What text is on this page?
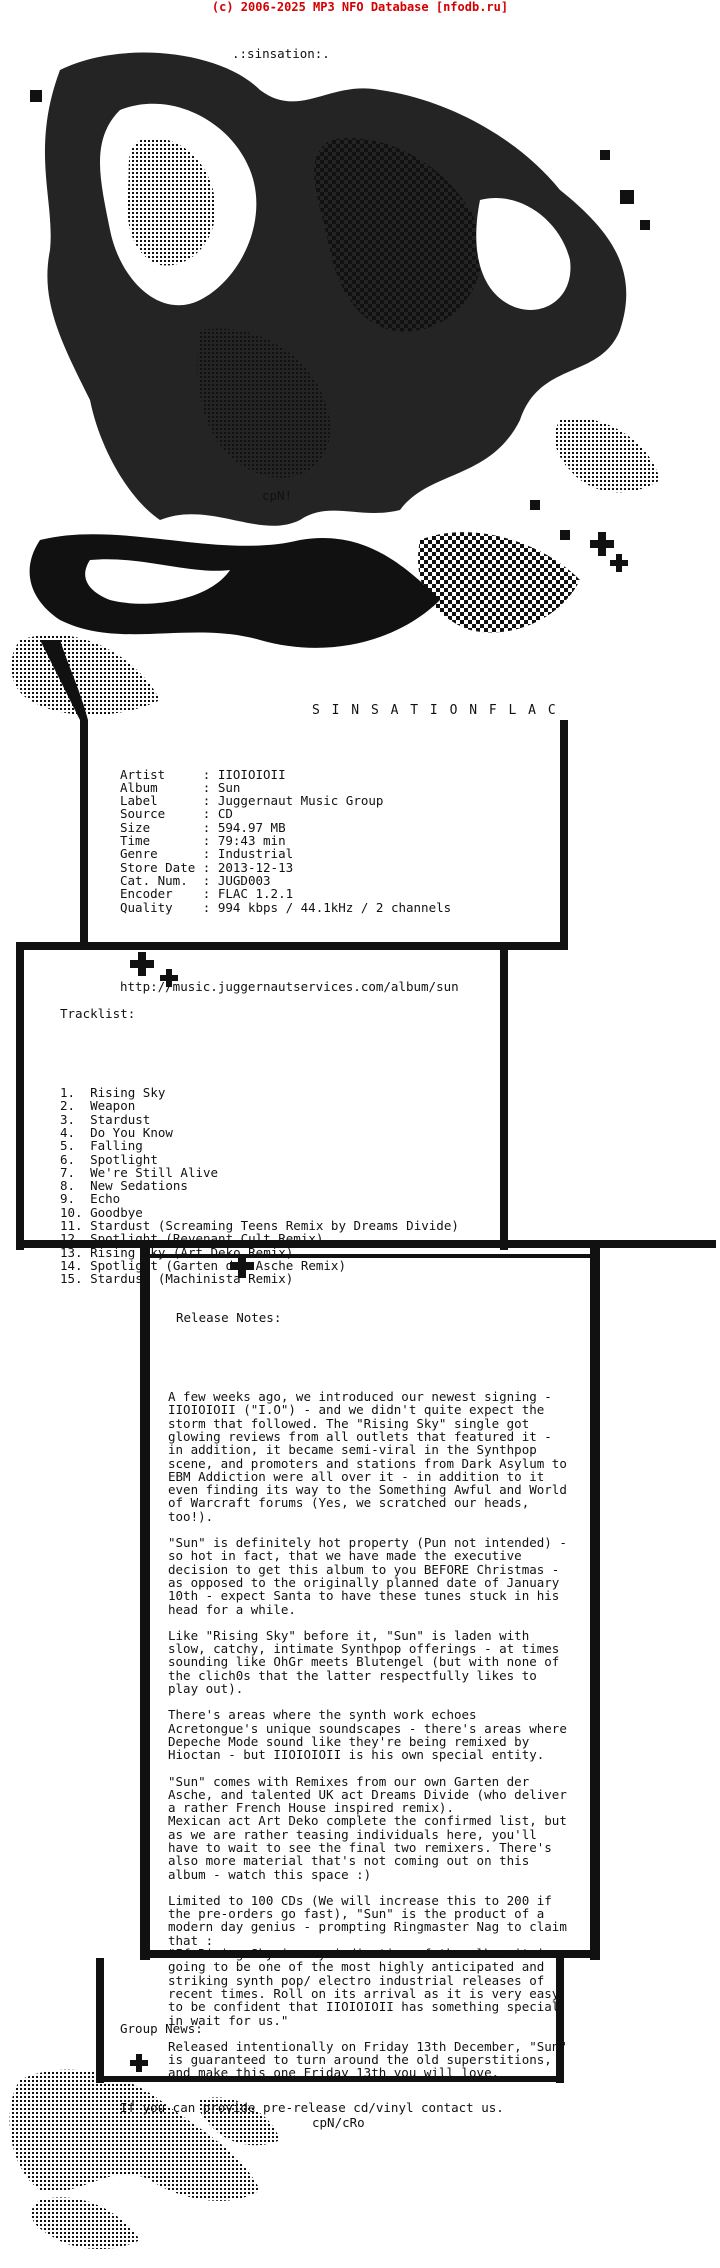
(c) 2006-2025 MP3 NFO Database [nfodb.ru]
.:sinsation:.
cpN!
S I N S A T I O N F L A C

Artist     : IIOIOIOII
Album      : Sun
Label      : Juggernaut Music Group
Source     : CD
Size       : 594.97 MB
Time       : 79:43 min
Genre      : Industrial
Store Date : 2013-12-13
Cat. Num.  : JUGD003
Encoder    : FLAC 1.2.1
Quality    : 994 kbps / 44.1kHz / 2 channels

http://music.juggernautservices.com/album/sun

Tracklist:

1.  Rising Sky
2.  Weapon
3.  Stardust
4.  Do You Know
5.  Falling
6.  Spotlight
7.  We're Still Alive
8.  New Sedations
9.  Echo
10. Goodbye
11. Stardust (Screaming Teens Remix by Dreams Divide)
12. Spotlight (Revenant Cult Remix)
13. Rising Sky (Art Deko Remix)
14. Spotlight (Garten der Asche Remix)
15. Stardust (Machinista Remix)

Release Notes:

A few weeks ago, we introduced our newest signing -
IIOIOIOII ("I.O") - and we didn't quite expect the
storm that followed. The "Rising Sky" single got
glowing reviews from all outlets that featured it -
in addition, it became semi-viral in the Synthpop
scene, and promoters and stations from Dark Asylum to
EBM Addiction were all over it - in addition to it
even finding its way to the Something Awful and World
of Warcraft forums (Yes, we scratched our heads,
too!).
"Sun" is definitely hot property (Pun not intended) -
so hot in fact, that we have made the executive
decision to get this album to you BEFORE Christmas -
as opposed to the originally planned date of January
10th - expect Santa to have these tunes stuck in his
head for a while.
Like "Rising Sky" before it, "Sun" is laden with
slow, catchy, intimate Synthpop offerings - at times
sounding like OhGr meets Blutengel (but with none of
the clich0s that the latter respectfully likes to
play out).
There's areas where the synth work echoes
Acretongue's unique soundscapes - there's areas where
Depeche Mode sound like they're being remixed by
Hioctan - but IIOIOIOII is his own special entity.
"Sun" comes with Remixes from our own Garten der
Asche, and talented UK act Dreams Divide (who deliver
a rather French House inspired remix).
Mexican act Art Deko complete the confirmed list, but
as we are rather teasing individuals here, you'll
have to wait to see the final two remixers. There's
also more material that's not coming out on this
album - watch this space :)
Limited to 100 CDs (We will increase this to 200 if
the pre-orders go fast), "Sun" is the product of a
modern day genius - prompting Ringmaster Nag to claim
that :
"If Rising Sky is any indication of the album it is
going to be one of the most highly anticipated and
striking synth pop/ electro industrial releases of
recent times. Roll on its arrival as it is very easy
to be confident that IIOIOIOII has something special
in wait for us."
Released intentionally on Friday 13th December, "Sun"
is guaranteed to turn around the old superstitions,
and make this one Friday 13th you will love.

Group News:

If you can provide pre-release cd/vinyl contact us.

cpN/cRo
